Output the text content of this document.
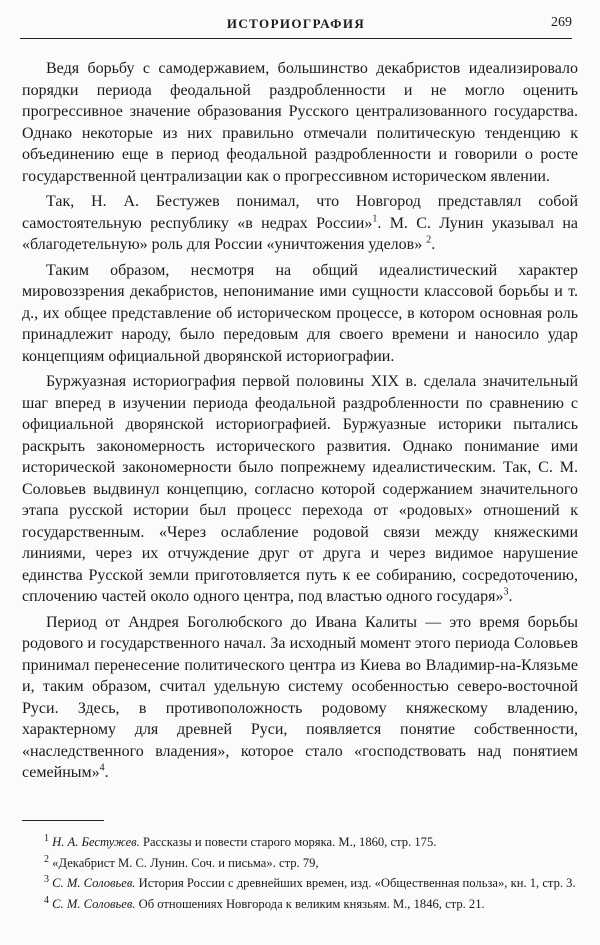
ИСТОРИОГРАФИЯ	269

Ведя борьбу с самодержавием, большинство декабристов идеализировало порядки периода феодальной раздробленности и не могло оценить прогрессивное значение образования Русского централизованного государства. Однако некоторые из них правильно отмечали политическую тенденцию к объединению еще в период феодальной раздробленности и говорили о росте государственной централизации как о прогрессивном историческом явлении.

Так, Н. А. Бестужев понимал, что Новгород представлял собой самостоятельную республику «в недрах России»$^1$. М. С. Лунин указывал на «благодетельную» роль для России «уничтожения уделов» $^2$.

Таким образом, несмотря на общий идеалистический характер мировоззрения декабристов, непонимание ими сущности классовой борьбы и т. д., их общее представление об историческом процессе, в котором основная роль принадлежит народу, было передовым для своего времени и наносило удар концепциям официальной дворянской историографии.

Буржуазная историография первой половины XIX в. сделала значительный шаг вперед в изучении периода феодальной раздробленности по сравнению с официальной дворянской историографией. Буржуазные историки пытались раскрыть закономерность исторического развития. Однако понимание ими исторической закономерности было попрежнему идеалистическим. Так, С. М. Соловьев выдвинул концепцию, согласно которой содержанием значительного этапа русской истории был процесс перехода от «родовых» отношений к государственным. «Через ослабление родовой связи между княжескими линиями, через их отчуждение друг от друга и через видимое нарушение единства Русской земли приготовляется путь к ее собиранию, сосредоточению, сплочению частей около одного центра, под властью одного государя»$^3$.

Период от Андрея Боголюбского до Ивана Калиты — это время борьбы родового и государственного начал. За исходный момент этого периода Соловьев принимал перенесение политического центра из Киева во Владимир-на-Клязьме и, таким образом, считал удельную систему особенностью северо-восточной Руси. Здесь, в противоположность родовому княжескому владению, характерному для древней Руси, появляется понятие собственности, «наследственного владения», которое стало «господствовать над понятием семейным»$^4$.

$^1$ Н. А. Бестужев. Рассказы и повести старого моряка. М., 1860, стр. 175.

$^2$ «Декабрист М. С. Лунин. Соч. и письма». стр. 79,

$^3$ С. М. Соловьев. История России с древнейших времен, изд. «Общественная польза», кн. 1, стр. 3.

$^4$ С. М. Соловьев. Об отношениях Новгорода к великим князьям. М., 1846, стр. 21.
